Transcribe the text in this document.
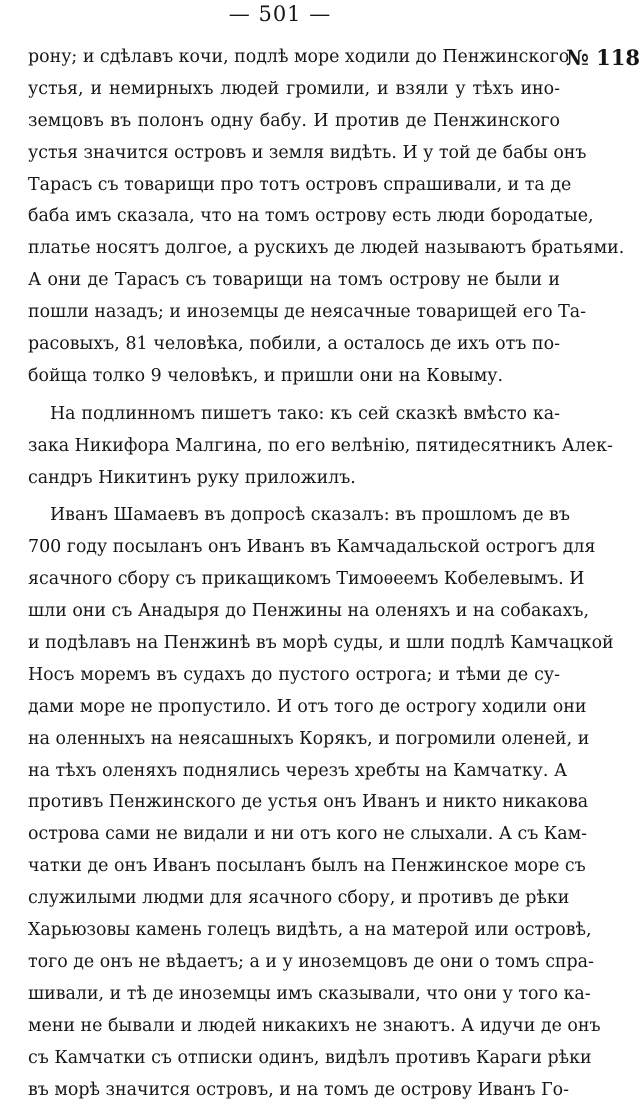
— 501 —
№ 118
рону; и сдѣлавъ кочи, подлѣ море ходили до Пенжинского
устья, и немирныхъ людей громили, и взяли у тѣхъ ино-
земцовъ въ полонъ одну бабу. И против де Пенжинского
устья значится островъ и земля видѣть. И у той де бабы онъ
Тарасъ съ товарищи про тотъ островъ спрашивали, и та де
баба имъ сказала, что на томъ острову есть люди бородатые,
платье носятъ долгое, а рускихъ де людей называютъ братьями.
А они де Тарасъ съ товарищи на томъ острову не были и
пошли назадъ; и иноземцы де неясачные товарищей его Та-
расовыхъ, 81 человѣка, побили, а осталось де ихъ отъ по-
бойща толко 9 человѣкъ, и пришли они на Ковыму.
На подлинномъ пишетъ тако: къ сей сказкѣ вмѣсто ка-
зака Никифора Малгина, по его велѣнію, пятидесятникъ Алек-
сандръ Никитинъ руку приложилъ.
Иванъ Шамаевъ въ допросѣ сказалъ: въ прошломъ де въ
700 году посыланъ онъ Иванъ въ Камчадальской острогъ для
ясачного сбору съ прикащикомъ Тимоѳеемъ Кобелевымъ. И
шли они съ Анадыря до Пенжины на оленяхъ и на собакахъ,
и подѣлавъ на Пенжинѣ въ морѣ суды, и шли подлѣ Камчацкой
Носъ моремъ въ судахъ до пустого острога; и тѣми де су-
дами море не пропустило. И отъ того де острогу ходили они
на оленныхъ на неясашныхъ Корякъ, и погромили оленей, и
на тѣхъ оленяхъ поднялись черезъ хребты на Камчатку. А
противъ Пенжинского де устья онъ Иванъ и никто никакова
острова сами не видали и ни отъ кого не слыхали. А съ Кам-
чатки де онъ Иванъ посыланъ былъ на Пенжинское море съ
служилыми людми для ясачного сбору, и противъ де рѣки
Харьюзовы камень голецъ видѣть, а на матерой или островѣ,
того де онъ не вѣдаетъ; а и у иноземцовъ де они о томъ спра-
шивали, и тѣ де иноземцы имъ сказывали, что они у того ка-
мени не бывали и людей никакихъ не знаютъ. А идучи де онъ
съ Камчатки съ отписки одинъ, видѣлъ противъ Караги рѣки
въ морѣ значится островъ, и на томъ де острову Иванъ Го-
